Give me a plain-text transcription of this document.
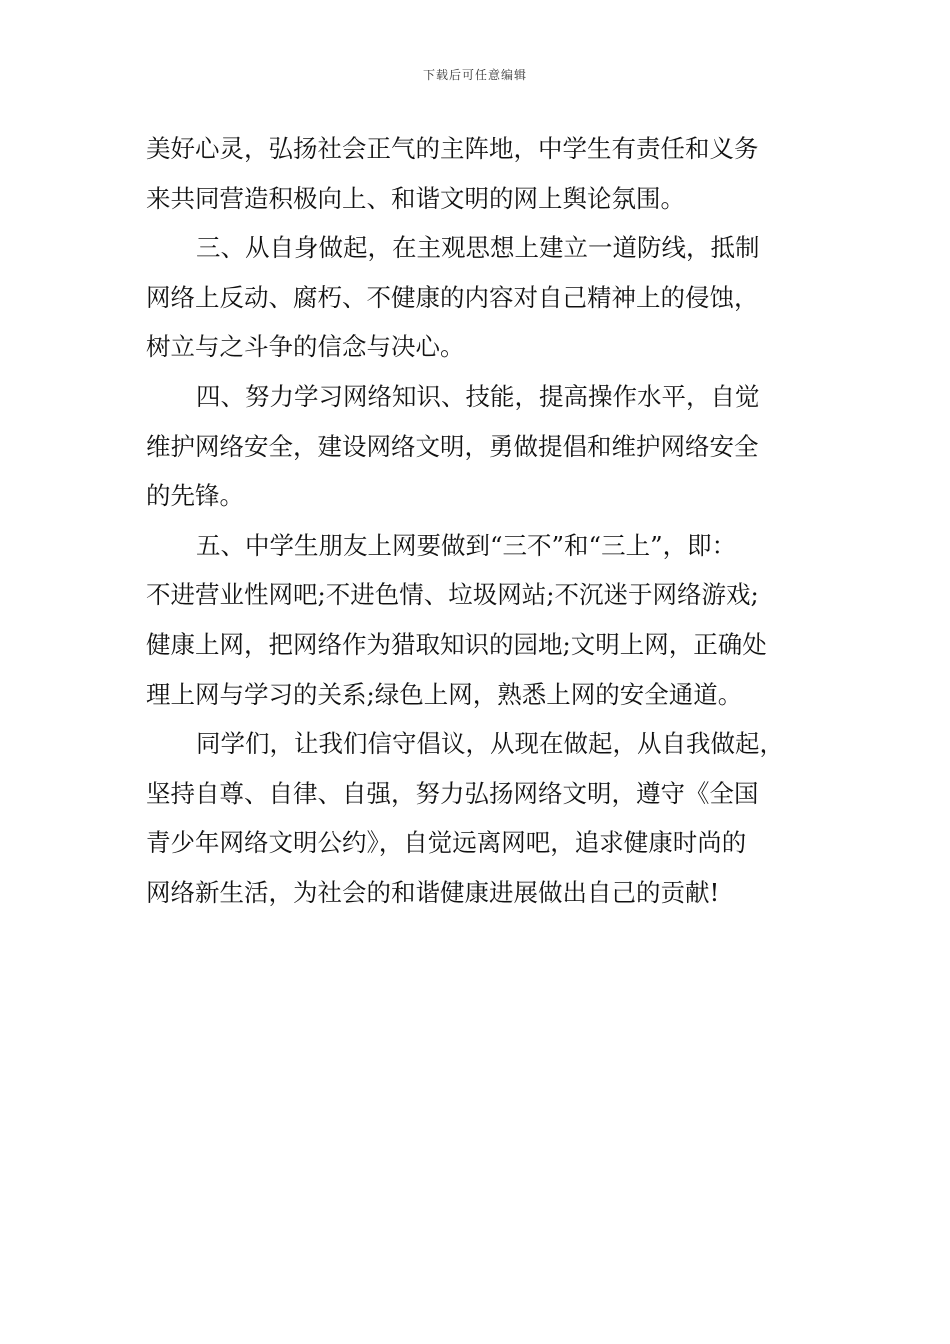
下载后可任意编辑
美好心灵，弘扬社会正气的主阵地，中学生有责任和义务
来共同营造积极向上、和谐文明的网上舆论氛围。
三、从自身做起，在主观思想上建立一道防线，抵制
网络上反动、腐朽、不健康的内容对自己精神上的侵蚀，
树立与之斗争的信念与决心。
四、努力学习网络知识、技能，提高操作水平，自觉
维护网络安全，建设网络文明，勇做提倡和维护网络安全
的先锋。
五、中学生朋友上网要做到“三不”和“三上”，即：
不进营业性网吧;不进色情、垃圾网站;不沉迷于网络游戏;
健康上网，把网络作为猎取知识的园地;文明上网，正确处
理上网与学习的关系;绿色上网，熟悉上网的安全通道。
同学们，让我们信守倡议，从现在做起，从自我做起，
坚持自尊、自律、自强，努力弘扬网络文明，遵守《全国
青少年网络文明公约》，自觉远离网吧，追求健康时尚的
网络新生活，为社会的和谐健康进展做出自己的贡献!
